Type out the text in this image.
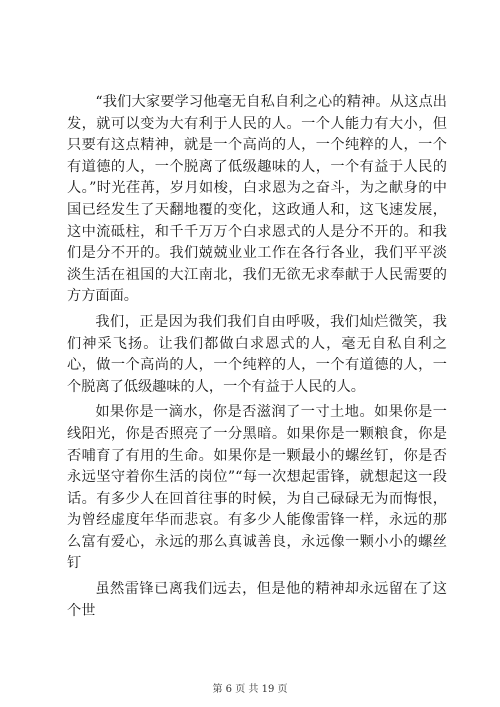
“我们大家要学习他毫无自私自利之心的精神。从这点出发，就可以变为大有利于人民的人。一个人能力有大小，但只要有这点精神，就是一个高尚的人，一个纯粹的人，一个有道德的人，一个脱离了低级趣味的人，一个有益于人民的人。”时光荏苒，岁月如梭，白求恩为之奋斗，为之献身的中国已经发生了天翻地覆的变化，这政通人和，这飞速发展，这中流砥柱，和千千万万个白求恩式的人是分不开的。和我们是分不开的。我们兢兢业业工作在各行各业，我们平平淡淡生活在祖国的大江南北，我们无欲无求奉献于人民需要的方方面面。

我们，正是因为我们我们自由呼吸，我们灿烂微笑，我们神采飞扬。让我们都做白求恩式的人，毫无自私自利之心，做一个高尚的人，一个纯粹的人，一个有道德的人，一个脱离了低级趣味的人，一个有益于人民的人。

如果你是一滴水，你是否滋润了一寸土地。如果你是一线阳光，你是否照亮了一分黑暗。如果你是一颗粮食，你是否哺育了有用的生命。如果你是一颗最小的螺丝钉，你是否永远坚守着你生活的岗位”“每一次想起雷锋，就想起这一段话。有多少人在回首往事的时候，为自己碌碌无为而悔恨，为曾经虚度年华而悲哀。有多少人能像雷锋一样，永远的那么富有爱心，永远的那么真诚善良，永远像一颗小小的螺丝钉

虽然雷锋已离我们远去，但是他的精神却永远留在了这个世

第 6 页 共 19 页
